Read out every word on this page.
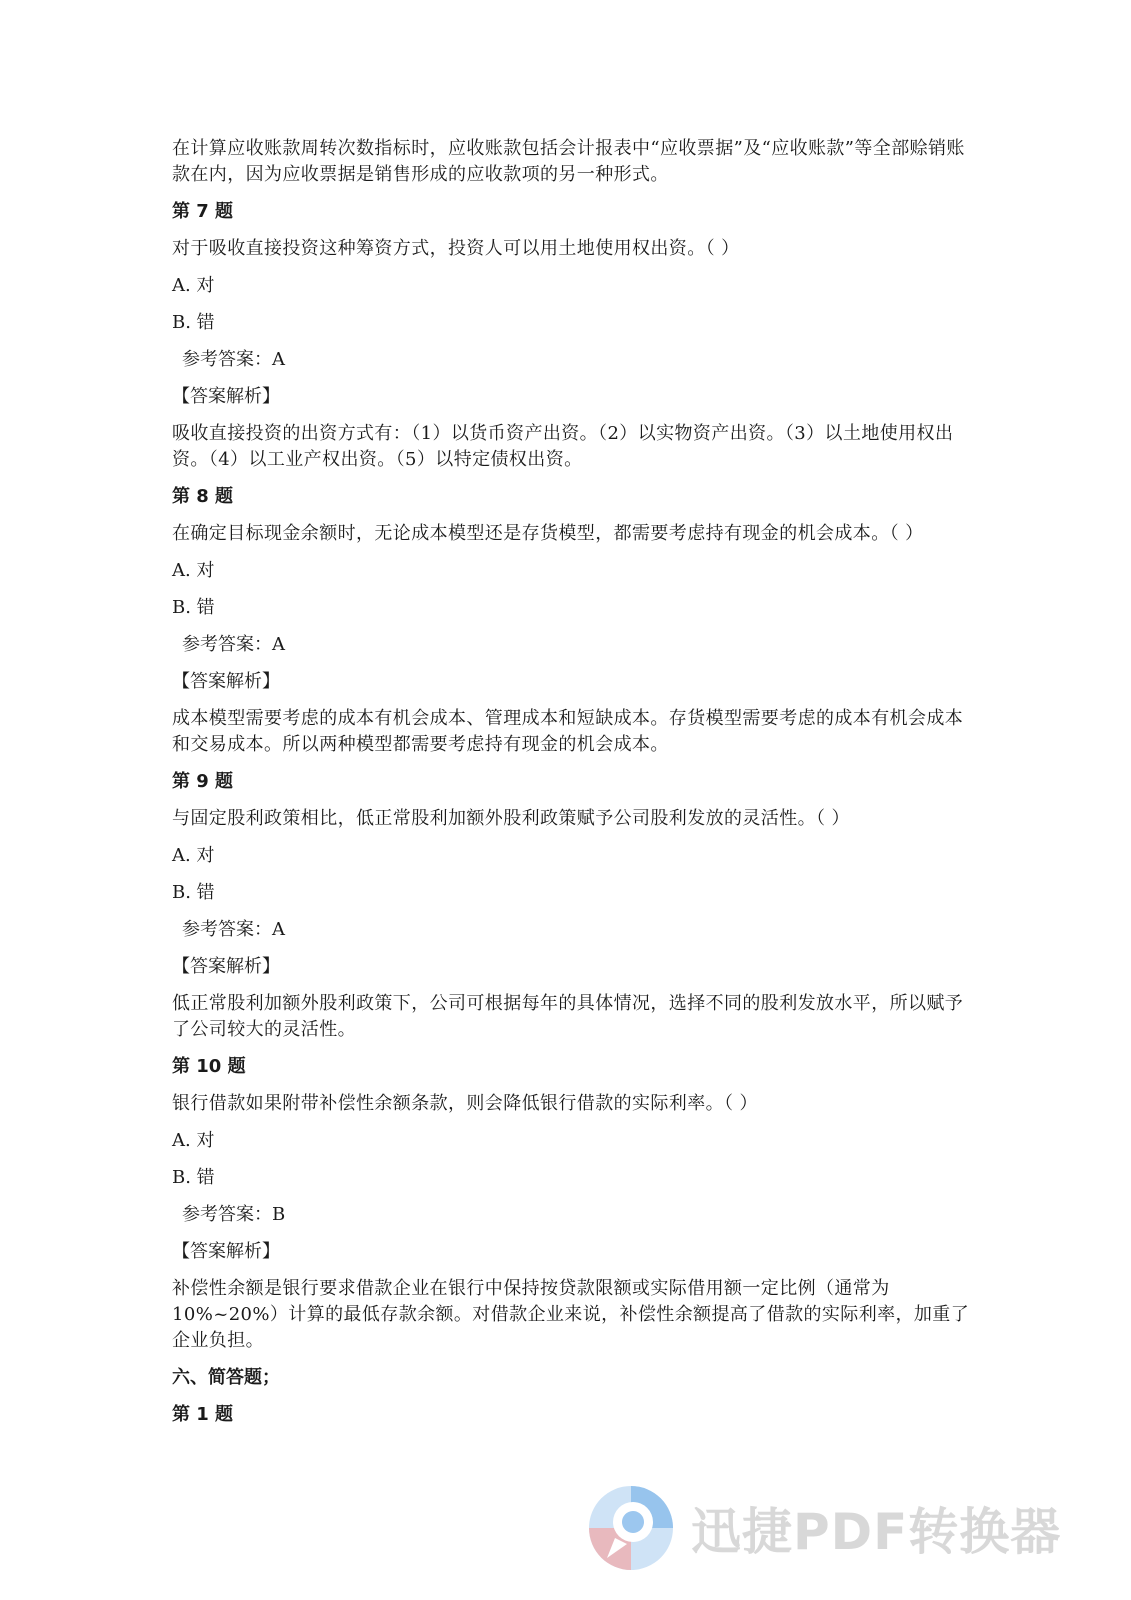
在计算应收账款周转次数指标时，应收账款包括会计报表中“应收票据”及“应收账款”等全部赊销账款在内，因为应收票据是销售形成的应收款项的另一种形式。

第 7 题

对于吸收直接投资这种筹资方式，投资人可以用土地使用权出资。（ ）

A. 对

B. 错

参考答案：A

【答案解析】

吸收直接投资的出资方式有：（1）以货币资产出资。（2）以实物资产出资。（3）以土地使用权出资。（4）以工业产权出资。（5）以特定债权出资。

第 8 题

在确定目标现金余额时，无论成本模型还是存货模型，都需要考虑持有现金的机会成本。（ ）

A. 对

B. 错

参考答案：A

【答案解析】

成本模型需要考虑的成本有机会成本、管理成本和短缺成本。存货模型需要考虑的成本有机会成本和交易成本。所以两种模型都需要考虑持有现金的机会成本。

第 9 题

与固定股利政策相比，低正常股利加额外股利政策赋予公司股利发放的灵活性。（ ）

A. 对

B. 错

参考答案：A

【答案解析】

低正常股利加额外股利政策下，公司可根据每年的具体情况，选择不同的股利发放水平，所以赋予了公司较大的灵活性。

第 10 题

银行借款如果附带补偿性余额条款，则会降低银行借款的实际利率。（ ）

A. 对

B. 错

参考答案：B

【答案解析】

补偿性余额是银行要求借款企业在银行中保持按贷款限额或实际借用额一定比例（通常为10%~20%）计算的最低存款余额。对借款企业来说，补偿性余额提高了借款的实际利率，加重了企业负担。

六、简答题；

第 1 题

迅捷PDF转换器
